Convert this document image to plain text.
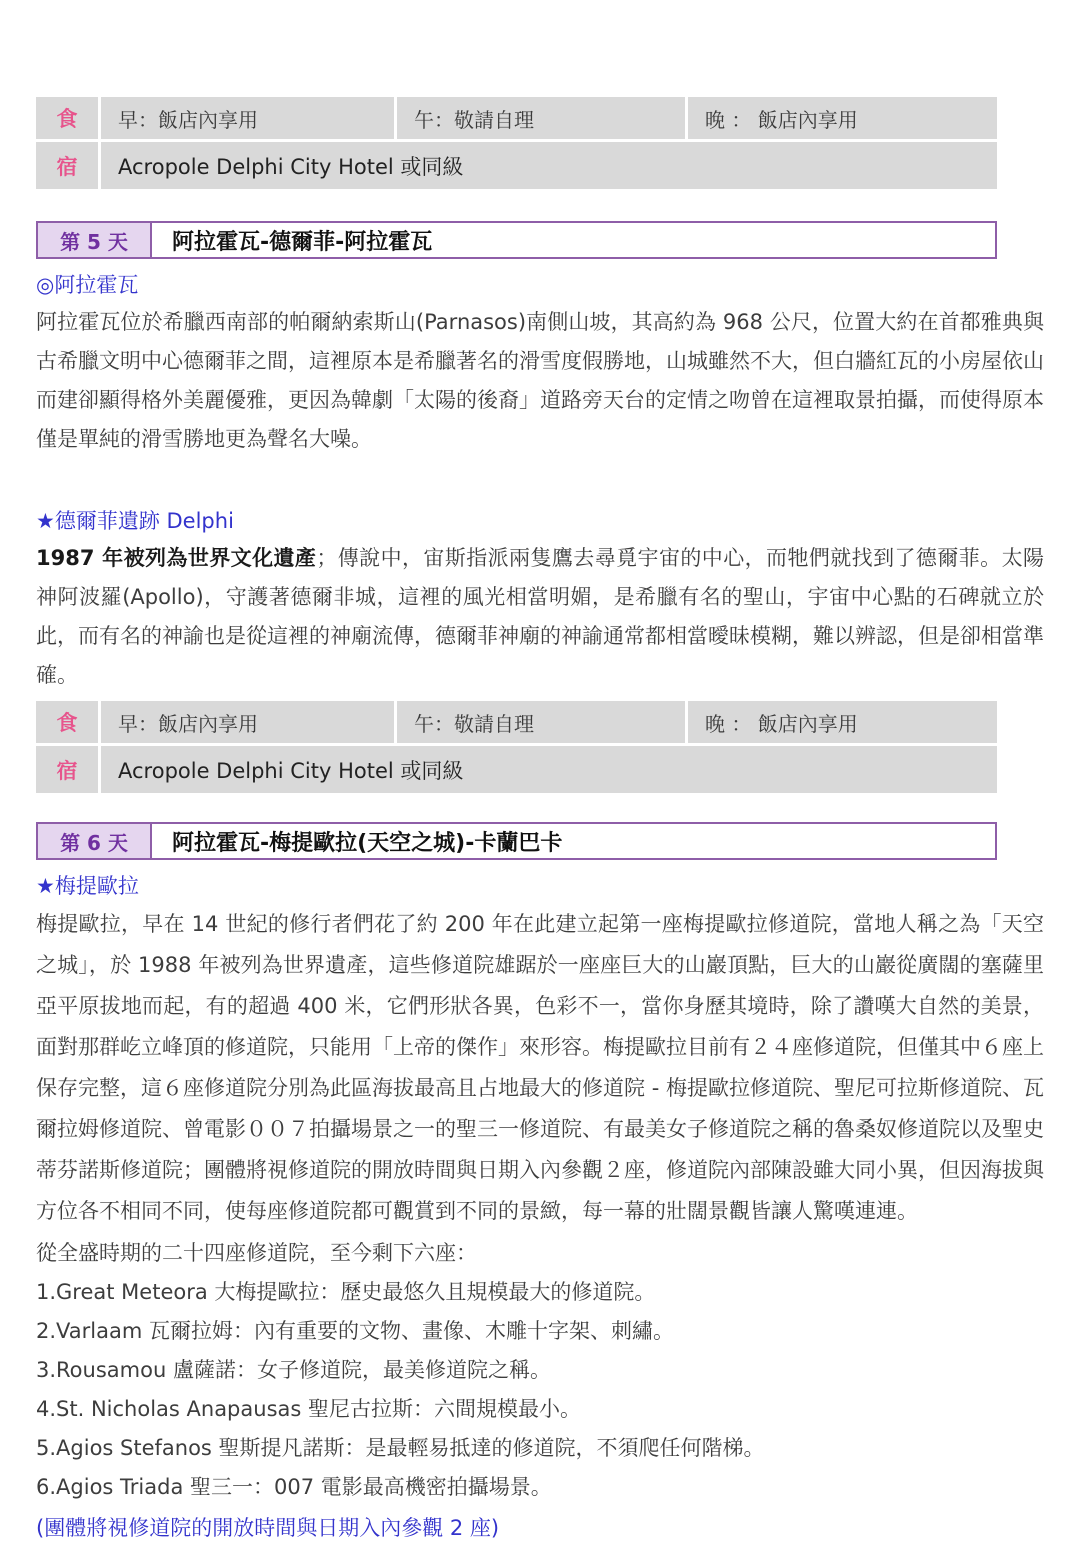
食	早：飯店內享用	午：敬請自理	晚 ： 飯店內享用
宿	Acropole Delphi City Hotel 或同級
第 5 天	阿拉霍瓦-德爾菲-阿拉霍瓦
◎阿拉霍瓦

阿拉霍瓦位於希臘西南部的帕爾納索斯山(Parnasos)南側山坡，其高約為 968 公尺，位置大約在首都雅典與古希臘文明中心德爾菲之間，這裡原本是希臘著名的滑雪度假勝地，山城雖然不大，但白牆紅瓦的小房屋依山而建卻顯得格外美麗優雅，更因為韓劇「太陽的後裔」道路旁天台的定情之吻曾在這裡取景拍攝，而使得原本僅是單純的滑雪勝地更為聲名大噪。

★德爾菲遺跡 Delphi

1987 年被列為世界文化遺產；傳說中，宙斯指派兩隻鷹去尋覓宇宙的中心，而牠們就找到了德爾菲。太陽神阿波羅(Apollo)，守護著德爾非城，這裡的風光相當明媚，是希臘有名的聖山，宇宙中心點的石碑就立於此，而有名的神諭也是從這裡的神廟流傳，德爾菲神廟的神諭通常都相當曖昧模糊，難以辨認，但是卻相當準確。

食	早：飯店內享用	午：敬請自理	晚 ： 飯店內享用
宿	Acropole Delphi City Hotel 或同級
第 6 天	阿拉霍瓦-梅提歐拉(天空之城)-卡蘭巴卡
★梅提歐拉

梅提歐拉，早在 14 世紀的修行者們花了約 200 年在此建立起第一座梅提歐拉修道院，當地人稱之為「天空之城」，於 1988 年被列為世界遺產，這些修道院雄踞於一座座巨大的山巖頂點，巨大的山巖從廣闊的塞薩里亞平原拔地而起，有的超過 400 米，它們形狀各異，色彩不一，當你身歷其境時，除了讚嘆大自然的美景，面對那群屹立峰頂的修道院，只能用「上帝的傑作」來形容。梅提歐拉目前有２４座修道院，但僅其中６座上保存完整，這６座修道院分別為此區海拔最高且占地最大的修道院 - 梅提歐拉修道院、聖尼可拉斯修道院、瓦爾拉姆修道院、曾電影００７拍攝場景之一的聖三一修道院、有最美女子修道院之稱的魯桑奴修道院以及聖史蒂芬諾斯修道院；團體將視修道院的開放時間與日期入內參觀２座，修道院內部陳設雖大同小異，但因海拔與方位各不相同不同，使每座修道院都可觀賞到不同的景緻，每一幕的壯闊景觀皆讓人驚嘆連連。

從全盛時期的二十四座修道院，至今剩下六座：
1.Great Meteora 大梅提歐拉：歷史最悠久且規模最大的修道院。
2.Varlaam 瓦爾拉姆：內有重要的文物、畫像、木雕十字架、刺繡。
3.Rousamou 盧薩諾：女子修道院，最美修道院之稱。
4.St. Nicholas Anapausas 聖尼古拉斯：六間規模最小。
5.Agios Stefanos 聖斯提凡諾斯：是最輕易抵達的修道院，不須爬任何階梯。
6.Agios Triada 聖三一：007 電影最高機密拍攝場景。
(團體將視修道院的開放時間與日期入內參觀 2 座)
